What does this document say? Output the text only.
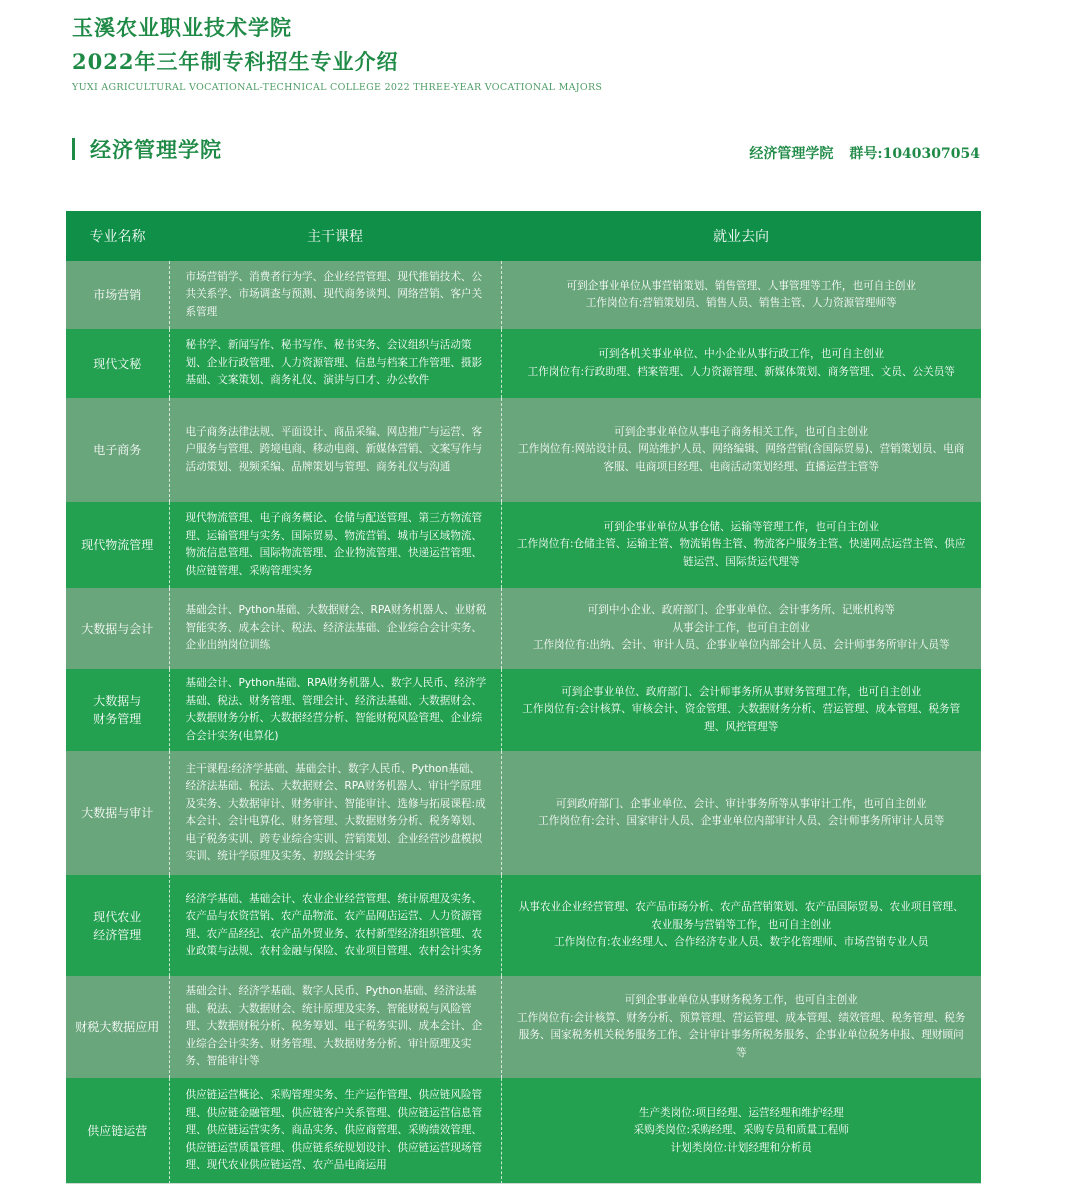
玉溪农业职业技术学院
2022年三年制专科招生专业介绍
YUXI AGRICULTURAL VOCATIONAL-TECHNICAL COLLEGE 2022 THREE-YEAR VOCATIONAL MAJORS
经济管理学院	经济管理学院 群号:1040307054
专业名称	主干课程	就业去向

市场营销	市场营销学、消费者行为学、企业经营管理、现代推销技术、公共关系学、市场调查与预测、现代商务谈判、网络营销、客户关系管理	可到企事业单位从事营销策划、销售管理、人事管理等工作，也可自主创业
工作岗位有:营销策划员、销售人员、销售主管、人力资源管理师等

现代文秘	秘书学、新闻写作、秘书写作、秘书实务、会议组织与活动策划、企业行政管理、人力资源管理、信息与档案工作管理、摄影基础、文案策划、商务礼仪、演讲与口才、办公软件	可到各机关事业单位、中小企业从事行政工作，也可自主创业
工作岗位有:行政助理、档案管理、人力资源管理、新媒体策划、商务管理、文员、公关员等

电子商务	电子商务法律法规、平面设计、商品采编、网店推广与运营、客户服务与管理、跨境电商、移动电商、新媒体营销、文案写作与活动策划、视频采编、品牌策划与管理、商务礼仪与沟通	可到企事业单位从事电子商务相关工作，也可自主创业
工作岗位有:网站设计员、网站维护人员、网络编辑、网络营销(含国际贸易)、营销策划员、电商客服、电商项目经理、电商活动策划经理、直播运营主管等

现代物流管理	现代物流管理、电子商务概论、仓储与配送管理、第三方物流管理、运输管理与实务、国际贸易、物流营销、城市与区域物流、物流信息管理、国际物流管理、企业物流管理、快递运营管理、供应链管理、采购管理实务	可到企事业单位从事仓储、运输等管理工作，也可自主创业
工作岗位有:仓储主管、运输主管、物流销售主管、物流客户服务主管、快递网点运营主管、供应链运营、国际货运代理等

大数据与会计	基础会计、Python基础、大数据财会、RPA财务机器人、业财税智能实务、成本会计、税法、经济法基础、企业综合会计实务、企业出纳岗位训练	可到中小企业、政府部门、企事业单位、会计事务所、记账机构等
从事会计工作，也可自主创业
工作岗位有:出纳、会计、审计人员、企事业单位内部会计人员、会计师事务所审计人员等

大数据与
财务管理	基础会计、Python基础、RPA财务机器人、数字人民币、经济学基础、税法、财务管理、管理会计、经济法基础、大数据财会、大数据财务分析、大数据经营分析、智能财税风险管理、企业综合会计实务(电算化)	可到企事业单位、政府部门、会计师事务所从事财务管理工作，也可自主创业
工作岗位有:会计核算、审核会计、资金管理、大数据财务分析、营运管理、成本管理、税务管理、风控管理等

大数据与审计	主干课程:经济学基础、基础会计、数字人民币、Python基础、经济法基础、税法、大数据财会、RPA财务机器人、审计学原理及实务、大数据审计、财务审计、智能审计、选修与拓展课程:成本会计、会计电算化、财务管理、大数据财务分析、税务筹划、电子税务实训、跨专业综合实训、营销策划、企业经营沙盘模拟实训、统计学原理及实务、初级会计实务	可到政府部门、企事业单位、会计、审计事务所等从事审计工作，也可自主创业
工作岗位有:会计、国家审计人员、企事业单位内部审计人员、会计师事务所审计人员等

现代农业
经济管理	经济学基础、基础会计、农业企业经营管理、统计原理及实务、农产品与农资营销、农产品物流、农产品网店运营、人力资源管理、农产品经纪、农产品外贸业务、农村新型经济组织管理、农业政策与法规、农村金融与保险、农业项目管理、农村会计实务	从事农业企业经营管理、农产品市场分析、农产品营销策划、农产品国际贸易、农业项目管理、农业服务与营销等工作，也可自主创业
工作岗位有:农业经理人、合作经济专业人员、数字化管理师、市场营销专业人员

财税大数据应用	基础会计、经济学基础、数字人民币、Python基础、经济法基础、税法、大数据财会、统计原理及实务、智能财税与风险管理、大数据财税分析、税务筹划、电子税务实训、成本会计、企业综合会计实务、财务管理、大数据财务分析、审计原理及实务、智能审计等	可到企事业单位从事财务税务工作，也可自主创业
工作岗位有:会计核算、财务分析、预算管理、营运管理、成本管理、绩效管理、税务管理、税务服务、国家税务机关税务服务工作、会计审计事务所税务服务、企事业单位税务申报、理财顾问等

供应链运营	供应链运营概论、采购管理实务、生产运作管理、供应链风险管理、供应链金融管理、供应链客户关系管理、供应链运营信息管理、供应链运营实务、商品实务、供应商管理、采购绩效管理、供应链运营质量管理、供应链系统规划设计、供应链运营现场管理、现代农业供应链运营、农产品电商运用	生产类岗位:项目经理、运营经理和维护经理
采购类岗位:采购经理、采购专员和质量工程师
计划类岗位:计划经理和分析员
